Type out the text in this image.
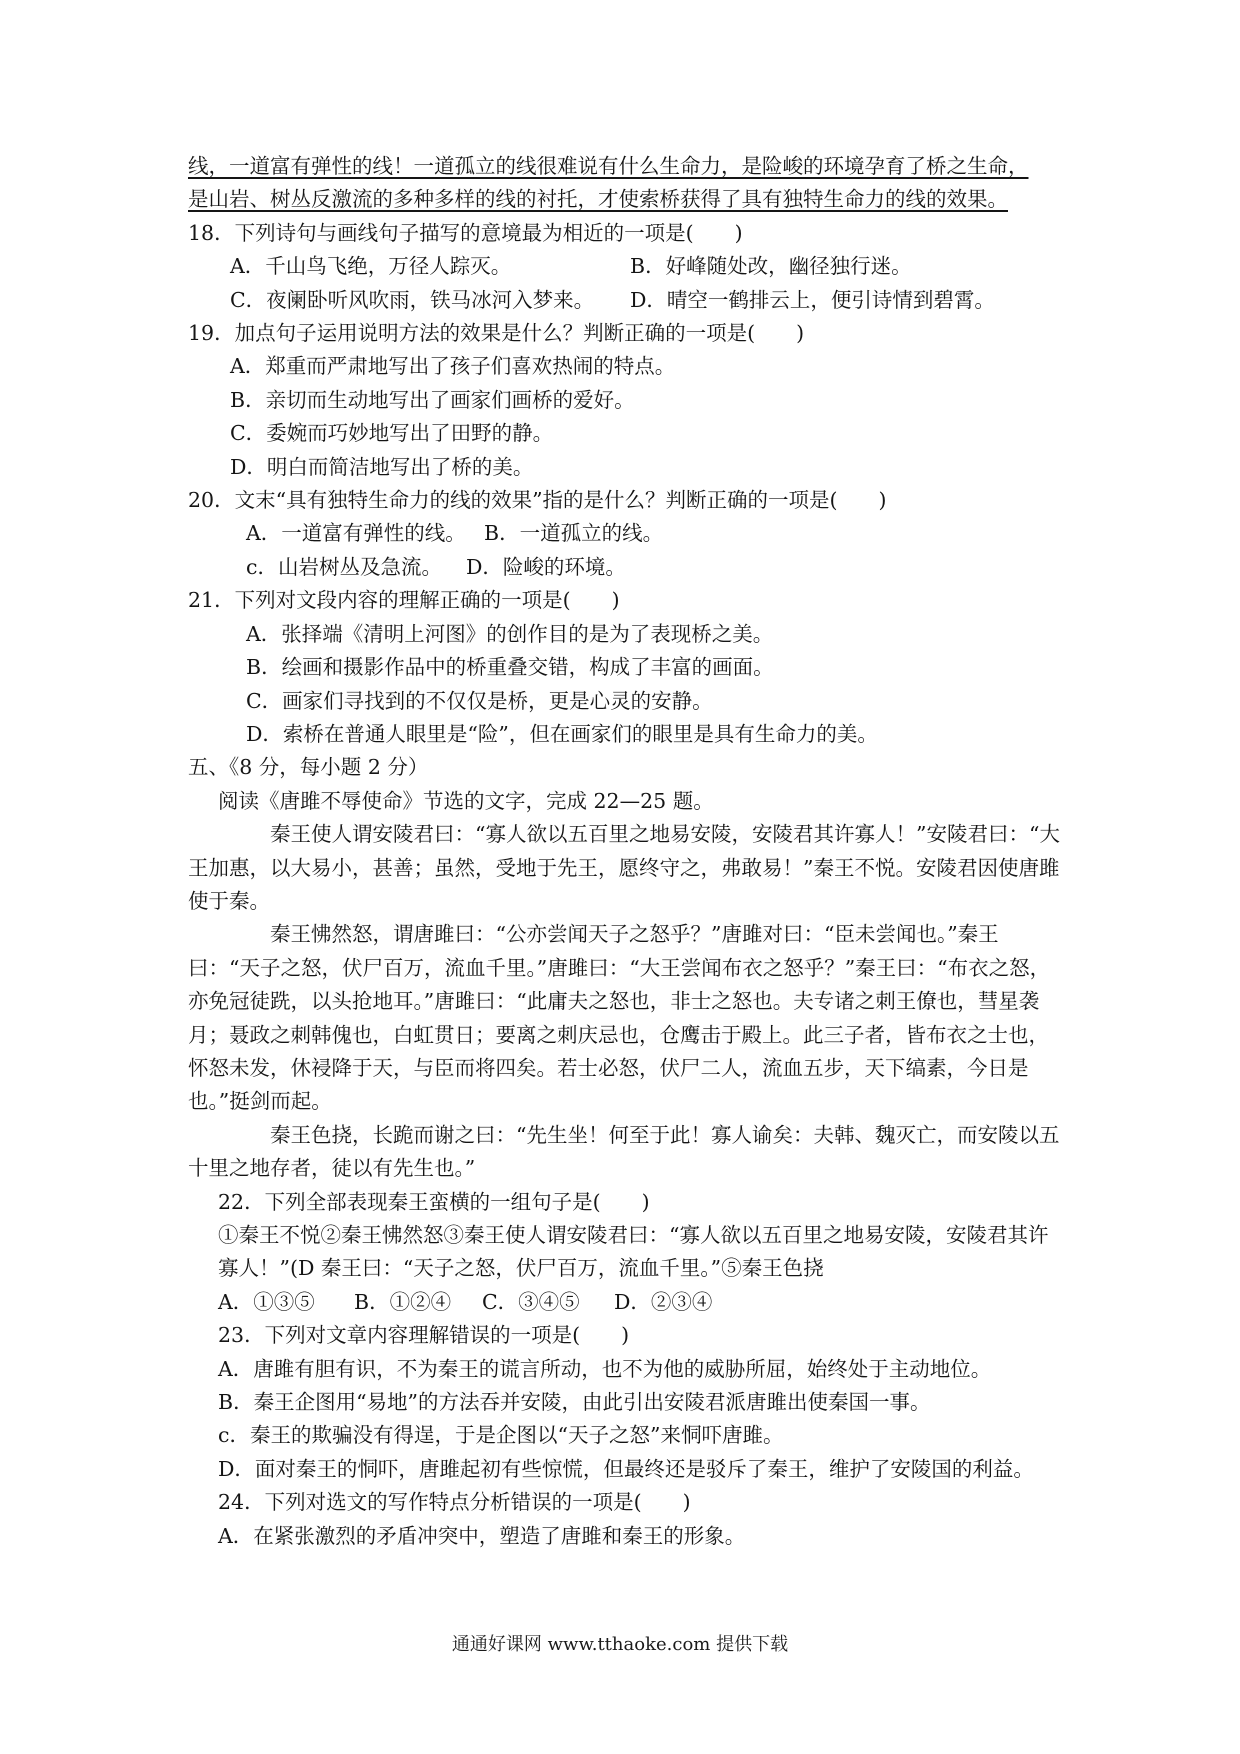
线，一道富有弹性的线！一道孤立的线很难说有什么生命力，是险峻的环境孕育了桥之生命，
是山岩、树丛反激流的多种多样的线的衬托，才使索桥获得了具有独特生命力的线的效果。
18．下列诗句与画线句子描写的意境最为相近的一项是(　　)
A．千山鸟飞绝，万径人踪灭。	B．好峰随处改，幽径独行迷。
C．夜阑卧听风吹雨，铁马冰河入梦来。	D．晴空一鹤排云上，便引诗情到碧霄。
19．加点句子运用说明方法的效果是什么？判断正确的一项是(　　)
A．郑重而严肃地写出了孩子们喜欢热闹的特点。
B．亲切而生动地写出了画家们画桥的爱好。
C．委婉而巧妙地写出了田野的静。
D．明白而简洁地写出了桥的美。
20．文末“具有独特生命力的线的效果”指的是什么？判断正确的一项是(　　)
A．一道富有弹性的线。 B．一道孤立的线。
c．山岩树丛及急流。	D．险峻的环境。
21．下列对文段内容的理解正确的一项是(　　)
A．张择端《清明上河图》的创作目的是为了表现桥之美。
B．绘画和摄影作品中的桥重叠交错，构成了丰富的画面。
C．画家们寻找到的不仅仅是桥，更是心灵的安静。
D．索桥在普通人眼里是“险”，但在画家们的眼里是具有生命力的美。
五、《8 分，每小题 2 分）
阅读《唐雎不辱使命》节选的文字，完成 22—25 题。

秦王使人谓安陵君曰：“寡人欲以五百里之地易安陵，安陵君其许寡人！”安陵君曰：“大王加惠，以大易小，甚善；虽然，受地于先王，愿终守之，弗敢易！”秦王不悦。安陵君因使唐雎使于秦。

秦王怫然怒，谓唐雎曰：“公亦尝闻天子之怒乎？”唐雎对曰：“臣未尝闻也。”秦王曰：“天子之怒，伏尸百万，流血千里。”唐雎曰：“大王尝闻布衣之怒乎？”秦王曰：“布衣之怒，亦免冠徒跣，以头抢地耳。”唐雎曰：“此庸夫之怒也，非士之怒也。夫专诸之刺王僚也，彗星袭月；聂政之刺韩傀也，白虹贯日；要离之刺庆忌也，仓鹰击于殿上。此三子者，皆布衣之士也，怀怒未发，休祲降于天，与臣而将四矣。若士必怒，伏尸二人，流血五步，天下缟素，今日是也。”挺剑而起。

秦王色挠，长跪而谢之曰：“先生坐！何至于此！寡人谕矣：夫韩、魏灭亡，而安陵以五十里之地存者，徒以有先生也。”

22．下列全部表现秦王蛮横的一组句子是(　　)

①秦王不悦②秦王怫然怒③秦王使人谓安陵君曰：“寡人欲以五百里之地易安陵，安陵君其许寡人！”(D 秦王曰：“天子之怒，伏尸百万，流血千里。”⑤秦王色挠

A．①③⑤	B．①②④	C．③④⑤	D．②③④
23．下列对文章内容理解错误的一项是(　　)
A．唐雎有胆有识，不为秦王的谎言所动，也不为他的威胁所屈，始终处于主动地位。
B．秦王企图用“易地”的方法吞并安陵，由此引出安陵君派唐雎出使秦国一事。
c．秦王的欺骗没有得逞，于是企图以“天子之怒”来恫吓唐雎。

D．面对秦王的恫吓，唐雎起初有些惊慌，但最终还是驳斥了秦王，维护了安陵国的利益。

24．下列对选文的写作特点分析错误的一项是(　　)
A．在紧张激烈的矛盾冲突中，塑造了唐雎和秦王的形象。
通通好课网 www.tthaoke.com 提供下载
